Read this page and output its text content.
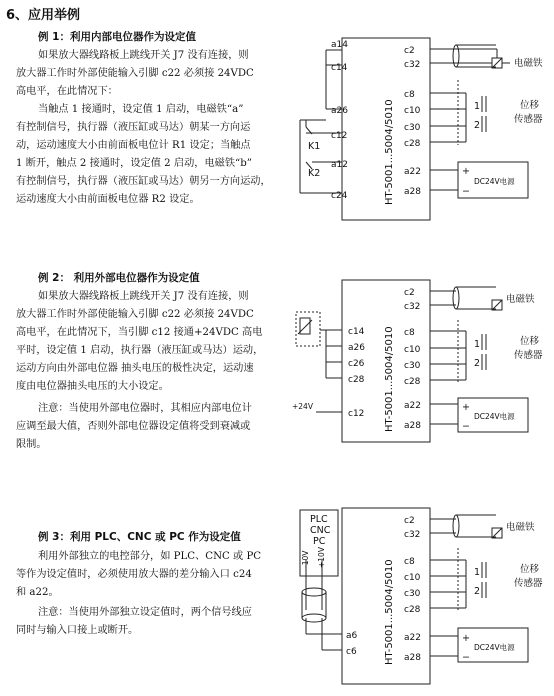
6、应用举例
例 1：利用内部电位器作为设定值
如果放大器线路板上跳线开关 J7 没有连接，则
放大器工作时外部使能输入引脚 c22 必须接 24VDC
高电平，在此情况下：
当触点 1 接通时，设定值 1 启动，电磁铁“a”
有控制信号，执行器（液压缸或马达）朝某一方向运
动，运动速度大小由前面板电位计 R1 设定；当触点
1 断开，触点 2 接通时，设定值 2 启动，电磁铁“b”
有控制信号，执行器（液压缸或马达）朝另一方向运动，
运动速度大小由前面板电位器 R2 设定。
例 2： 利用外部电位器作为设定值
如果放大器线路板上跳线开关 J7 没有连接，则
放大器工作时外部使能输入引脚 c22 必须接 24VDC
高电平，在此情况下，当引脚 c12 接通+24VDC 高电
平时，设定值 1 启动，执行器（液压缸或马达）运动，
运动方向由外部电位器 抽头电压的极性决定，运动速
度由电位器抽头电压的大小设定。
注意：当使用外部电位器时，其相应内部电位计
应调至最大值，否则外部电位器设定值将受到衰减或
限制。
例 3：利用 PLC、CNC 或 PC 作为设定值
利用外部独立的电控部分，如 PLC、CNC 或 PC
等作为设定值时，必须使用放大器的差分输入口 c24
和 a22。
注意：当使用外部独立设定值时，两个信号线应
同时与输入口接上或断开。
a14
c14
a26
c12
a12
c24
K1
K2
c2
c32
c8
c10
c30
c28
a22
a28
HT-5001...5004/5010
电磁铁
1
2
位移
传感器
+
−
DC24V电源
+24V
c14
a26
c26
c28
c12
c2
c32
c8
c10
c30
c28
a22
a28
HT-5001...5004/5010
电磁铁
1
2
位移
传感器
+
−
DC24V电源
PLC
CNC
PC
-10V +10V
a6
c6
c2
c32
c8
c10
c30
c28
a22
a28
HT-5001...5004/5010
电磁铁
1
2
位移
传感器
+
−
DC24V电源
